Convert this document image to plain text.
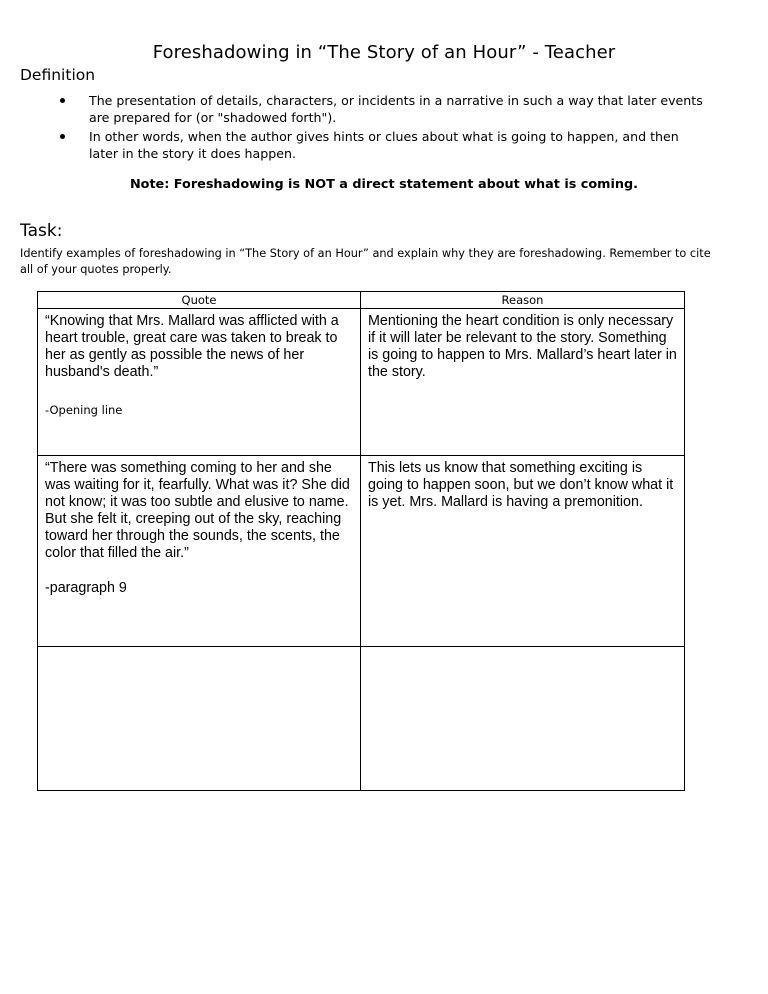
Foreshadowing in “The Story of an Hour” - Teacher
Definition
The presentation of details, characters, or incidents in a narrative in such a way that later events are prepared for (or "shadowed forth").
In other words, when the author gives hints or clues about what is going to happen, and then later in the story it does happen.
Note: Foreshadowing is NOT a direct statement about what is coming.
Task:
Identify examples of foreshadowing in “The Story of an Hour” and explain why they are foreshadowing. Remember to cite all of your quotes properly.
Quote	Reason

“Knowing that Mrs. Mallard was afflicted with a heart trouble, great care was taken to break to her as gently as possible the news of her husband's death.”
-Opening line	Mentioning the heart condition is only necessary if it will later be relevant to the story. Something is going to happen to Mrs. Mallard’s heart later in the story.

“There was something coming to her and she was waiting for it, fearfully. What was it? She did not know; it was too subtle and elusive to name. But she felt it, creeping out of the sky, reaching toward her through the sounds, the scents, the color that filled the air.”
-paragraph 9	This lets us know that something exciting is going to happen soon, but we don’t know what it is yet. Mrs. Mallard is having a premonition.
